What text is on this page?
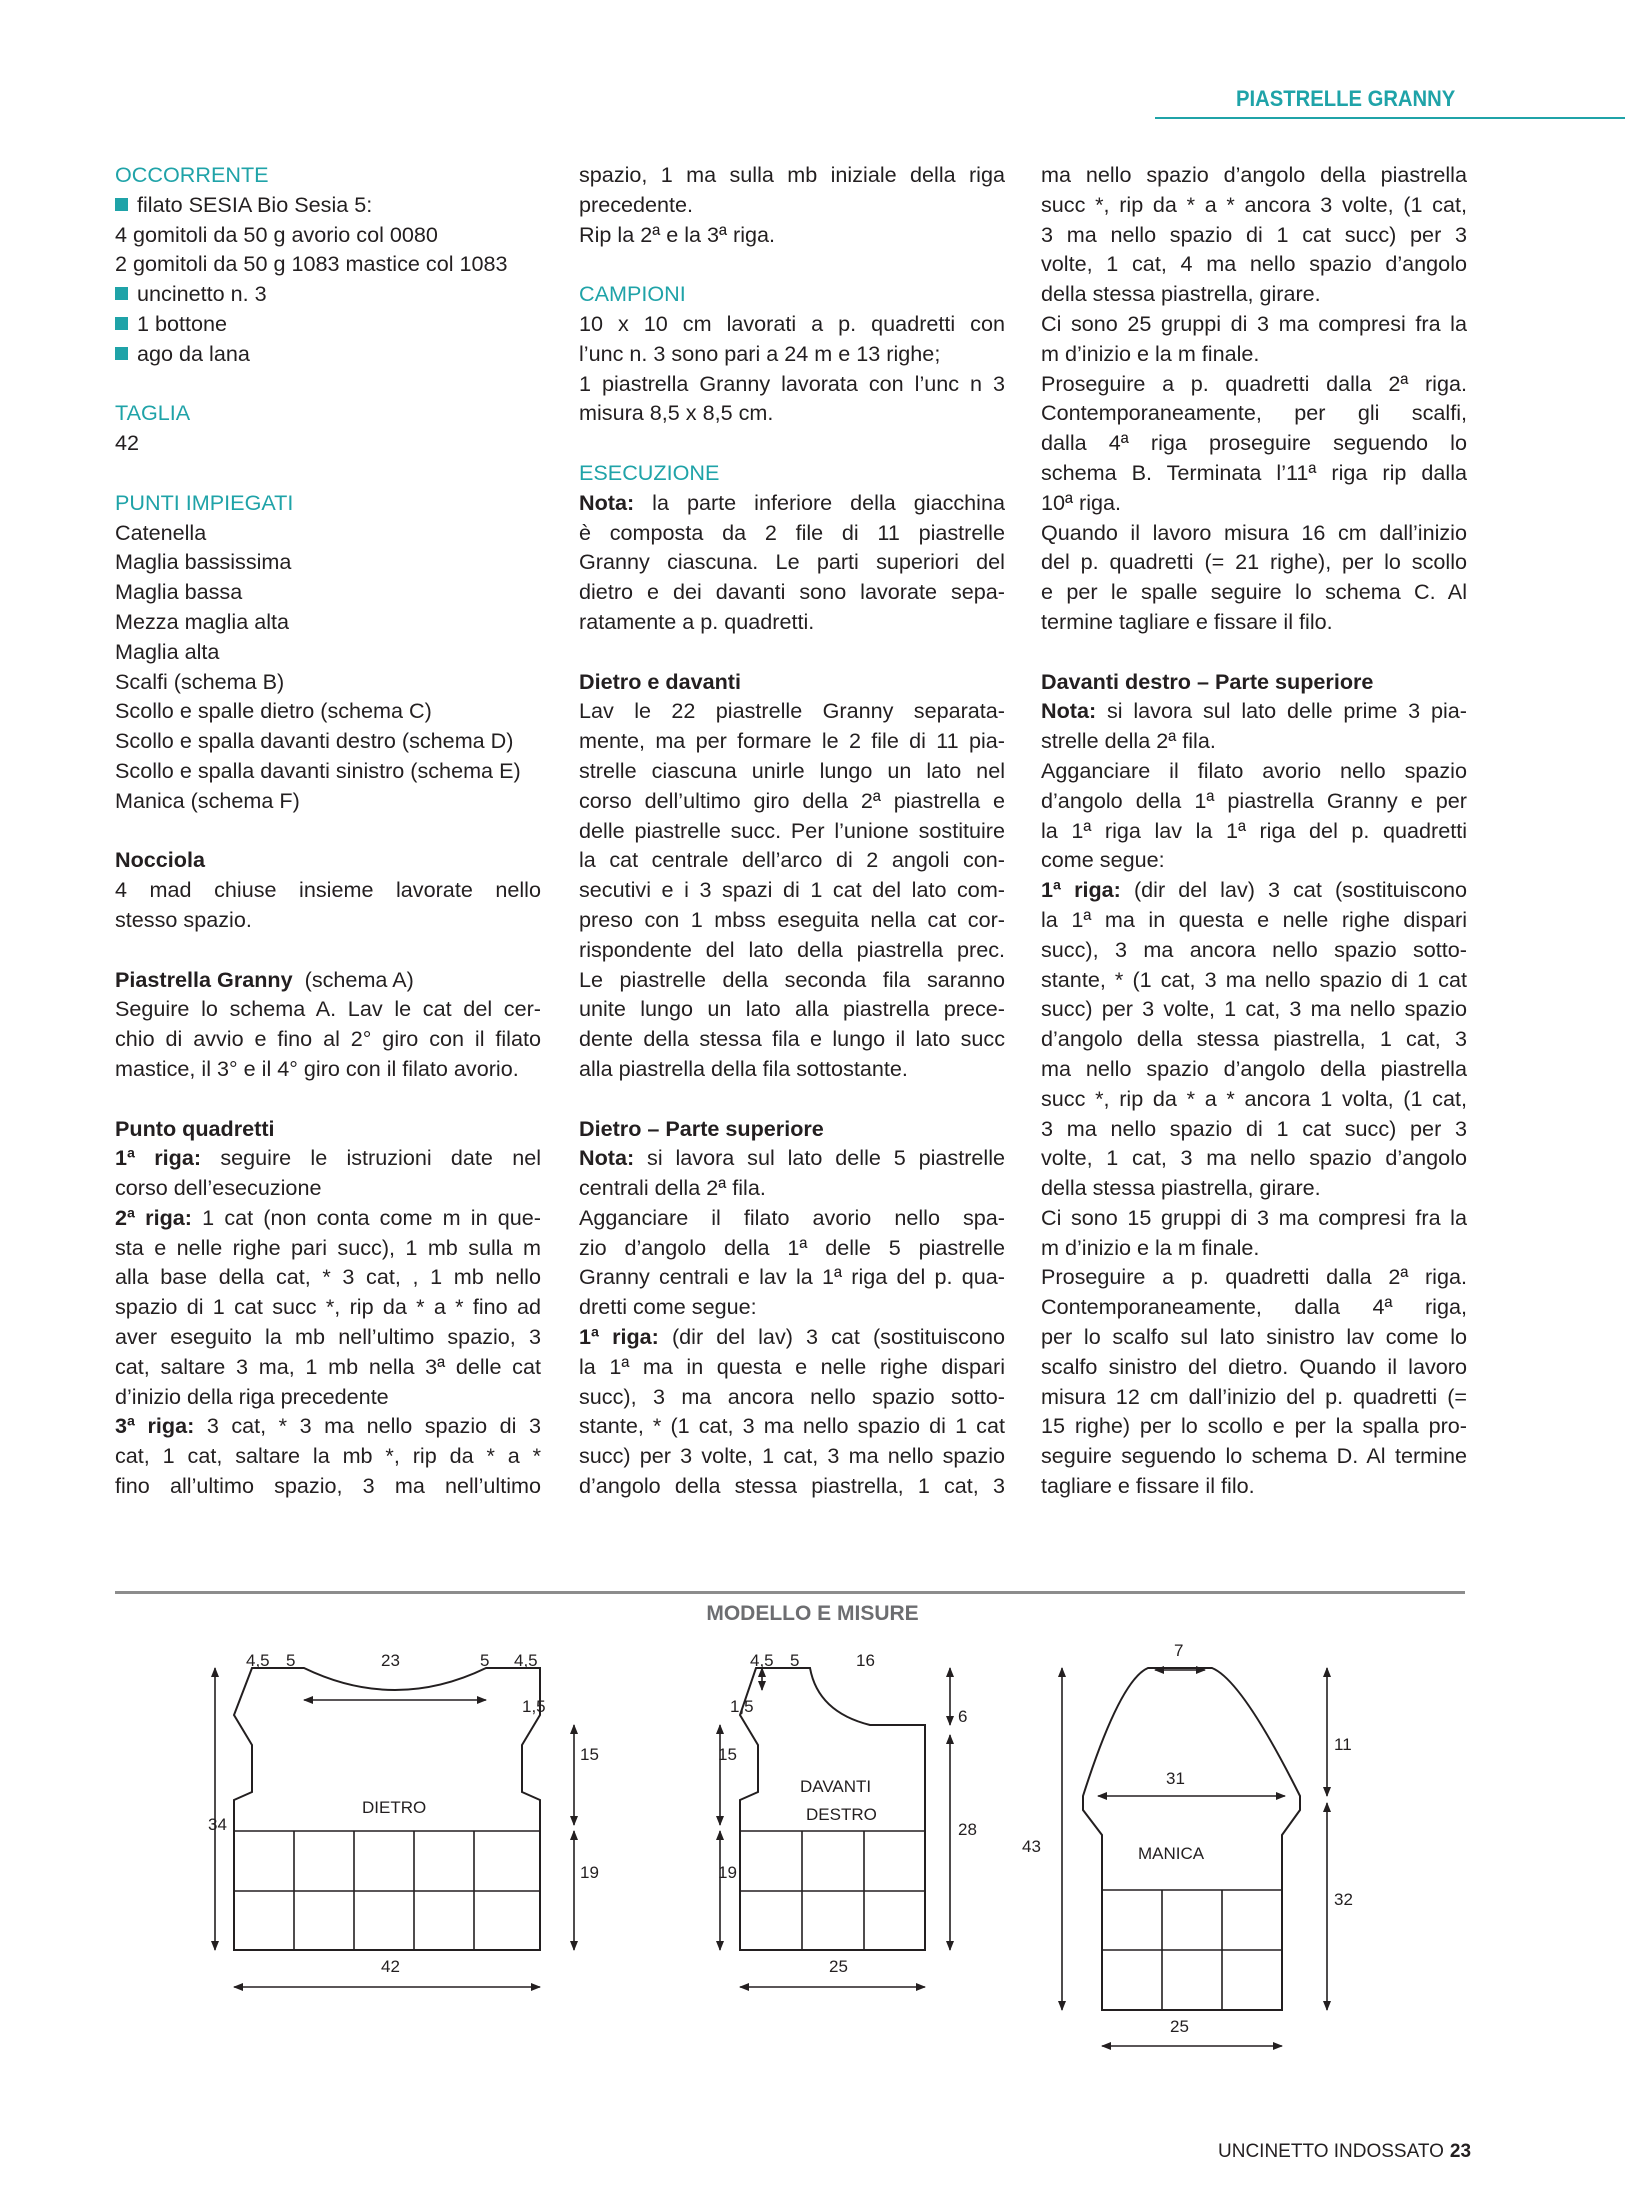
PIASTRELLE GRANNY

OCCORRENTE

filato SESIA Bio Sesia 5:

4 gomitoli da 50 g avorio col 0080

2 gomitoli da 50 g 1083 mastice col 1083

uncinetto n. 3

1 bottone

ago da lana

TAGLIA

42

PUNTI IMPIEGATI

Catenella

Maglia bassissima

Maglia bassa

Mezza maglia alta

Maglia alta

Scalfi (schema B)

Scollo e spalle dietro (schema C)

Scollo e spalla davanti destro (schema D)

Scollo e spalla davanti sinistro (schema E)

Manica (schema F)

Nocciola

4 mad chiuse insieme lavorate nello

stesso spazio.

Piastrella Granny (schema A)

Seguire lo schema A. Lav le cat del cer-

chio di avvio e fino al 2° giro con il filato

mastice, il 3° e il 4° giro con il filato avorio.

Punto quadretti

1ª riga: seguire le istruzioni date nel

corso dell’esecuzione

2ª riga: 1 cat (non conta come m in que-

sta e nelle righe pari succ), 1 mb sulla m

alla base della cat, * 3 cat, , 1 mb nello

spazio di 1 cat succ *, rip da * a * fino ad

aver eseguito la mb nell’ultimo spazio, 3

cat, saltare 3 ma, 1 mb nella 3ª delle cat

d’inizio della riga precedente

3ª riga: 3 cat, * 3 ma nello spazio di 3

cat, 1 cat, saltare la mb *, rip da * a *

fino all’ultimo spazio, 3 ma nell’ultimo

spazio, 1 ma sulla mb iniziale della riga

precedente.

Rip la 2ª e la 3ª riga.

CAMPIONI

10 x 10 cm lavorati a p. quadretti con

l’unc n. 3 sono pari a 24 m e 13 righe;

1 piastrella Granny lavorata con l’unc n 3

misura 8,5 x 8,5 cm.

ESECUZIONE

Nota: la parte inferiore della giacchina

è composta da 2 file di 11 piastrelle

Granny ciascuna. Le parti superiori del

dietro e dei davanti sono lavorate sepa-

ratamente a p. quadretti.

Dietro e davanti

Lav le 22 piastrelle Granny separata-

mente, ma per formare le 2 file di 11 pia-

strelle ciascuna unirle lungo un lato nel

corso dell’ultimo giro della 2ª piastrella e

delle piastrelle succ. Per l’unione sostituire

la cat centrale dell’arco di 2 angoli con-

secutivi e i 3 spazi di 1 cat del lato com-

preso con 1 mbss eseguita nella cat cor-

rispondente del lato della piastrella prec.

Le piastrelle della seconda fila saranno

unite lungo un lato alla piastrella prece-

dente della stessa fila e lungo il lato succ

alla piastrella della fila sottostante.

Dietro – Parte superiore

Nota: si lavora sul lato delle 5 piastrelle

centrali della 2ª fila.

Agganciare il filato avorio nello spa-

zio d’angolo della 1ª delle 5 piastrelle

Granny centrali e lav la 1ª riga del p. qua-

dretti come segue:

1ª riga: (dir del lav) 3 cat (sostituiscono

la 1ª ma in questa e nelle righe dispari

succ), 3 ma ancora nello spazio sotto-

stante, * (1 cat, 3 ma nello spazio di 1 cat

succ) per 3 volte, 1 cat, 3 ma nello spazio

d’angolo della stessa piastrella, 1 cat, 3

ma nello spazio d’angolo della piastrella

succ *, rip da * a * ancora 3 volte, (1 cat,

3 ma nello spazio di 1 cat succ) per 3

volte, 1 cat, 4 ma nello spazio d’angolo

della stessa piastrella, girare.

Ci sono 25 gruppi di 3 ma compresi fra la

m d’inizio e la m finale.

Proseguire a p. quadretti dalla 2ª riga.

Contemporaneamente, per gli scalfi,

dalla 4ª riga proseguire seguendo lo

schema B. Terminata l’11ª riga rip dalla

10ª riga.

Quando il lavoro misura 16 cm dall’inizio

del p. quadretti (= 21 righe), per lo scollo

e per le spalle seguire lo schema C. Al

termine tagliare e fissare il filo.

Davanti destro – Parte superiore

Nota: si lavora sul lato delle prime 3 pia-

strelle della 2ª fila.

Agganciare il filato avorio nello spazio

d’angolo della 1ª piastrella Granny e per

la 1ª riga lav la 1ª riga del p. quadretti

come segue:

1ª riga: (dir del lav) 3 cat (sostituiscono

la 1ª ma in questa e nelle righe dispari

succ), 3 ma ancora nello spazio sotto-

stante, * (1 cat, 3 ma nello spazio di 1 cat

succ) per 3 volte, 1 cat, 3 ma nello spazio

d’angolo della stessa piastrella, 1 cat, 3

ma nello spazio d’angolo della piastrella

succ *, rip da * a * ancora 1 volta, (1 cat,

3 ma nello spazio di 1 cat succ) per 3

volte, 1 cat, 3 ma nello spazio d’angolo

della stessa piastrella, girare.

Ci sono 15 gruppi di 3 ma compresi fra la

m d’inizio e la m finale.

Proseguire a p. quadretti dalla 2ª riga.

Contemporaneamente, dalla 4ª riga,

per lo scalfo sul lato sinistro lav come lo

scalfo sinistro del dietro. Quando il lavoro

misura 12 cm dall’inizio del p. quadretti (=

15 righe) per lo scollo e per la spalla pro-

seguire seguendo lo schema D. Al termine

tagliare e fissare il filo.

MODELLO E MISURE
DIETRO
4,5 5	23	5 4,5
1,5
15
34
19
42
DAVANTI
DESTRO
4,5 5	16
1,5
6
15
19
28
25
MANICA
7
31
11
43
32
25
UNCINETTO INDOSSATO 23
